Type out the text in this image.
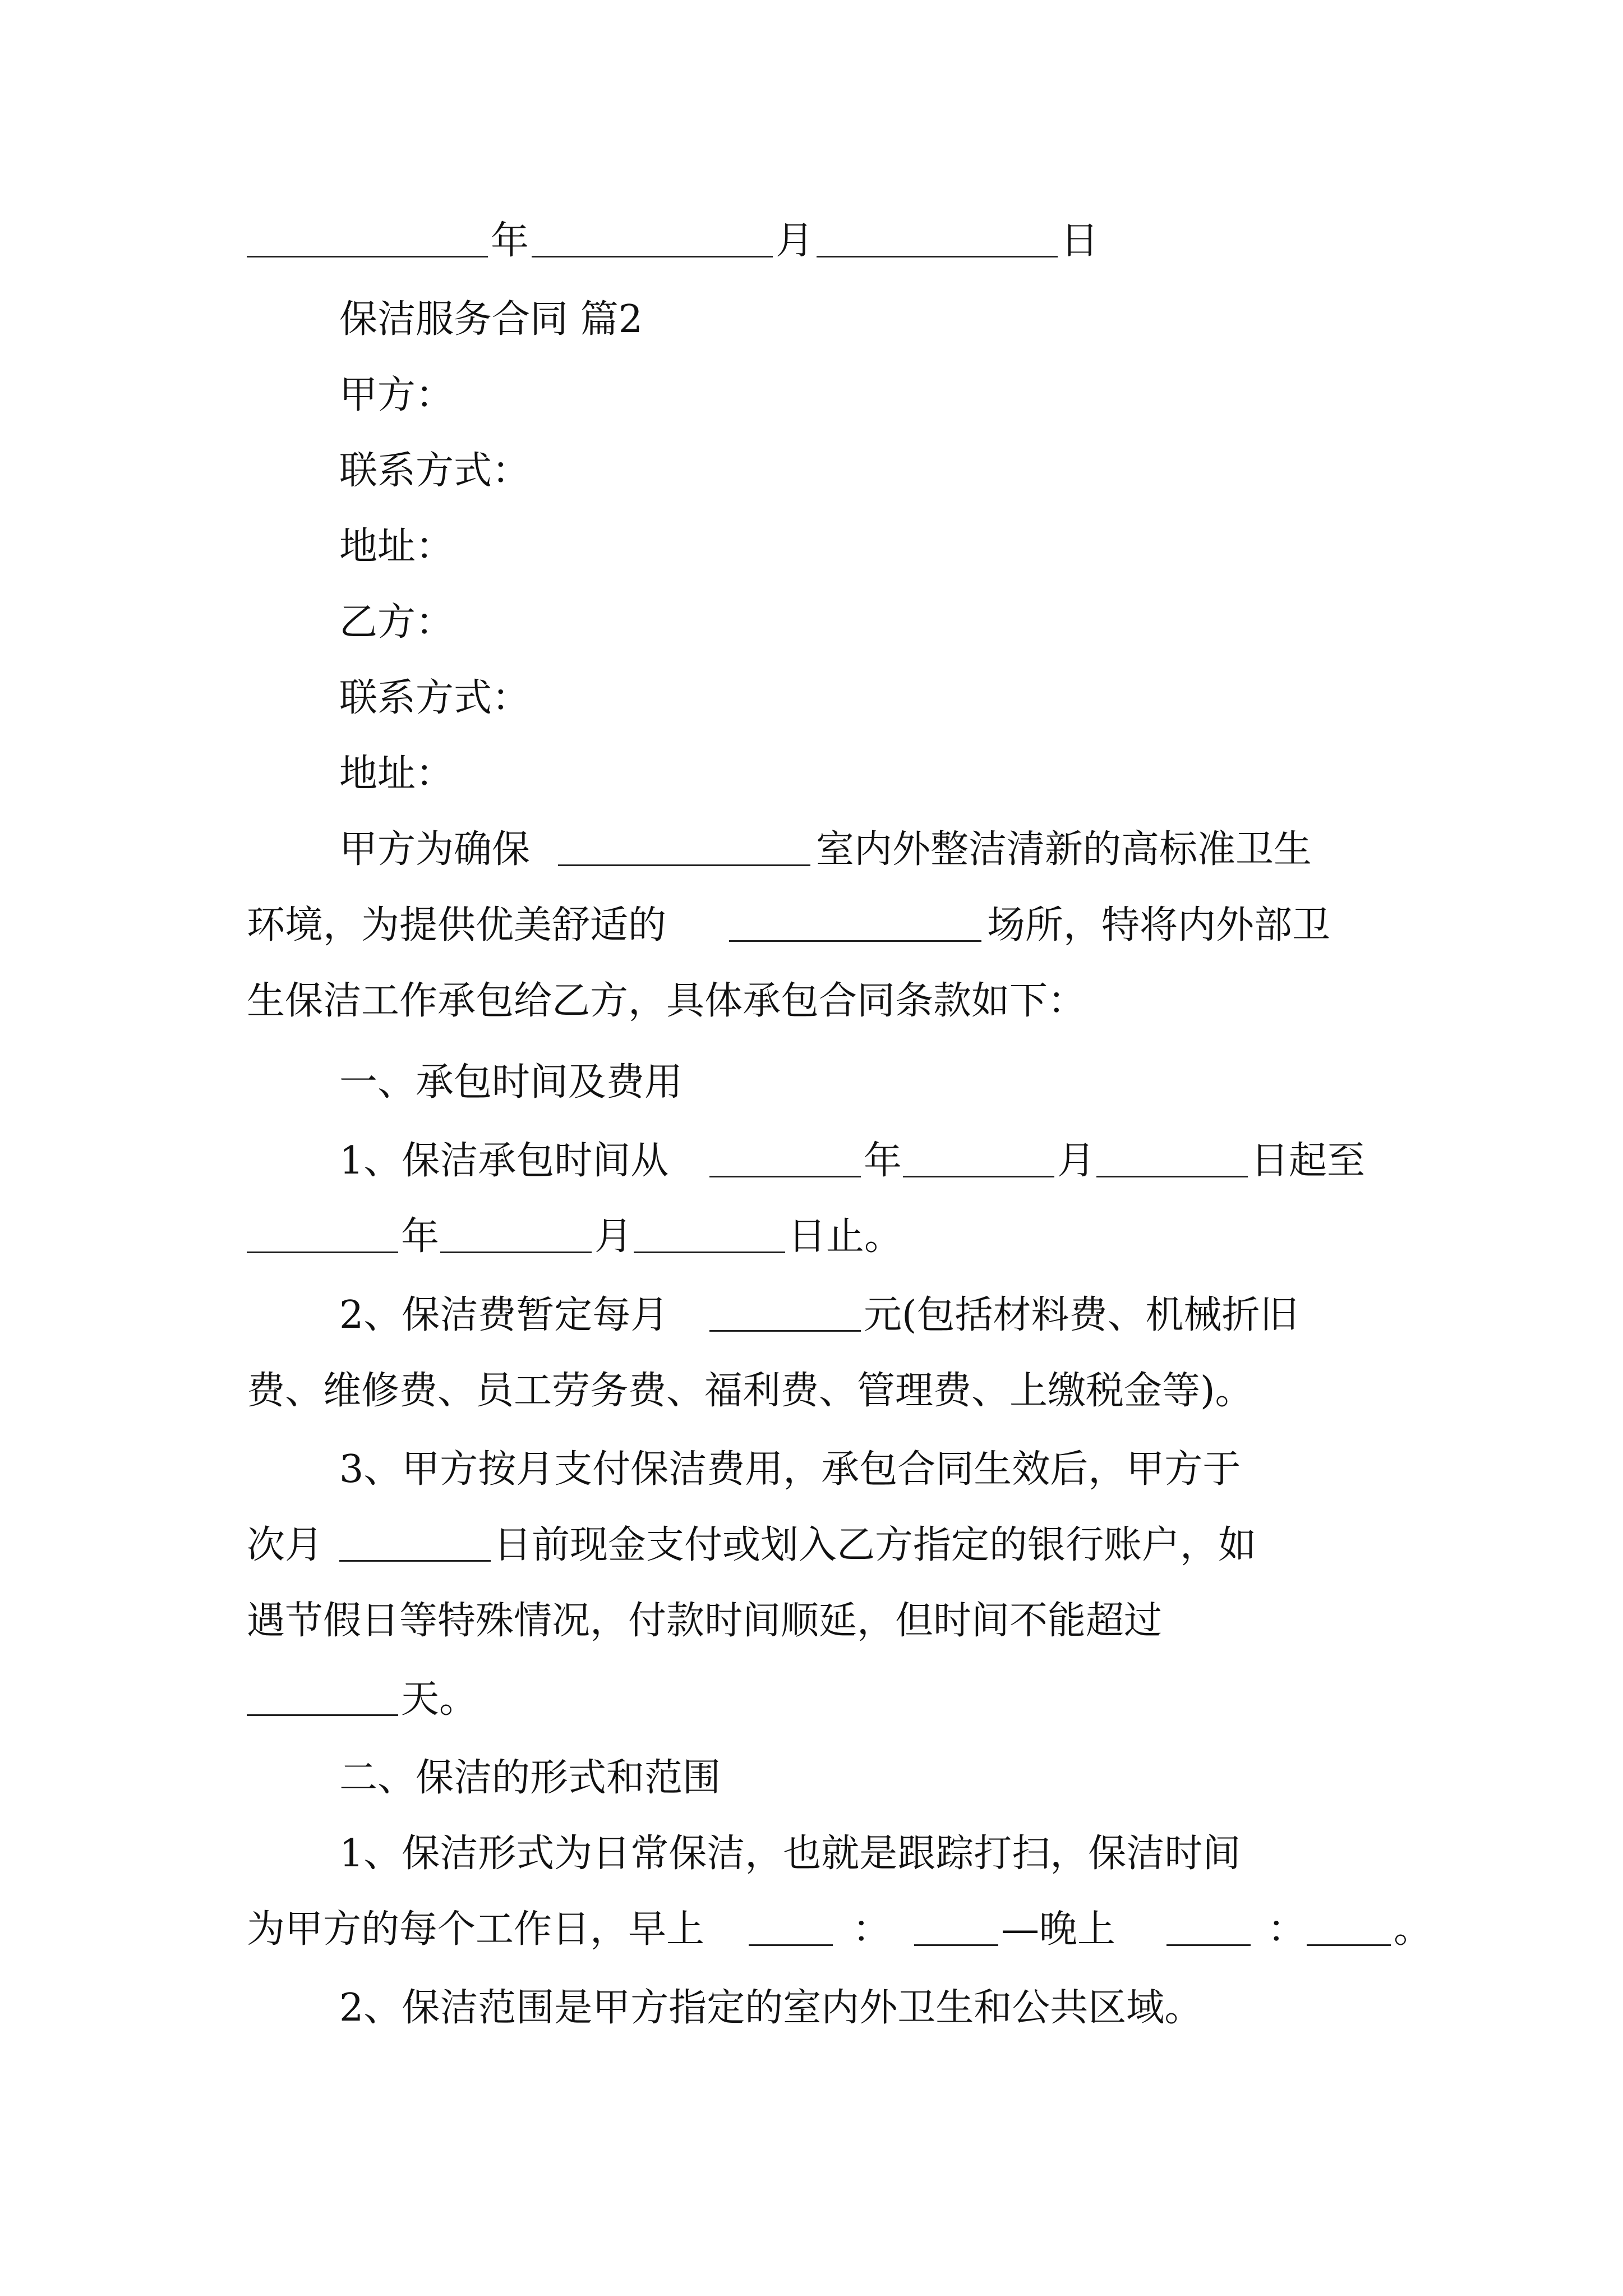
年	月	日
保洁服务合同 篇2
甲方：
联系方式：
地址：
乙方：
联系方式：
地址：
甲方为确保	室内外整洁清新的高标准卫生
环境，为提供优美舒适的	场所，特将内外部卫
生保洁工作承包给乙方，具体承包合同条款如下：
一、承包时间及费用
1、保洁承包时间从	年	月	日起至
年	月	日止。
2、保洁费暂定每月	元(包括材料费、机械折旧
费、维修费、员工劳务费、福利费、管理费、上缴税金等)。
3、甲方按月支付保洁费用，承包合同生效后，甲方于
次月	日前现金支付或划入乙方指定的银行账户，如
遇节假日等特殊情况，付款时间顺延，但时间不能超过
天。
二、保洁的形式和范围
1、保洁形式为日常保洁，也就是跟踪打扫，保洁时间
为甲方的每个工作日，早上	：	—晚上	： 。
2、保洁范围是甲方指定的室内外卫生和公共区域。
